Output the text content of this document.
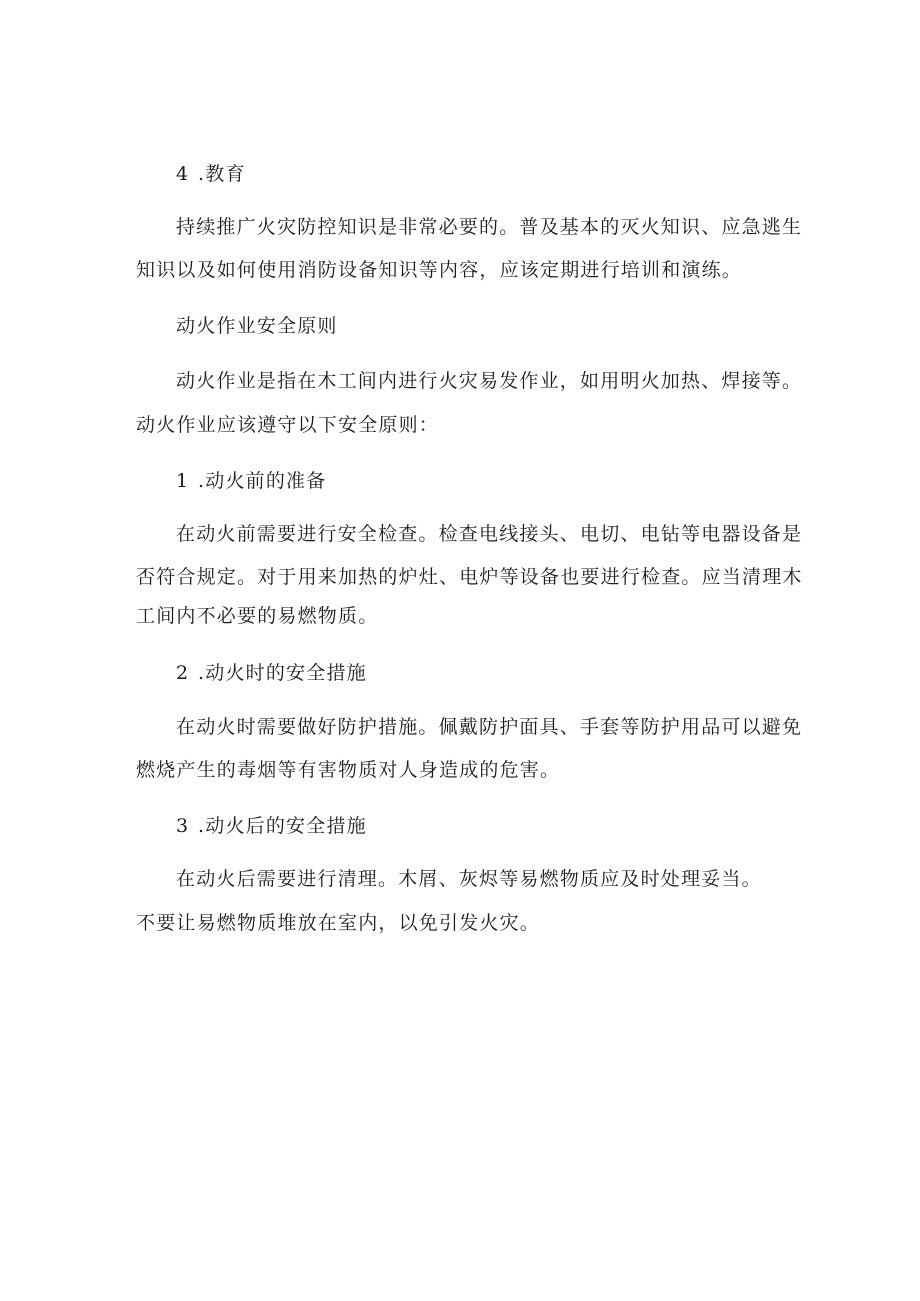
4 .教育
持续推广火灾防控知识是非常必要的。普及基本的灭火知识、应急逃生
知识以及如何使用消防设备知识等内容，应该定期进行培训和演练。
动火作业安全原则
动火作业是指在木工间内进行火灾易发作业，如用明火加热、焊接等。
动火作业应该遵守以下安全原则：
1 .动火前的准备
在动火前需要进行安全检查。检查电线接头、电切、电钻等电器设备是
否符合规定。对于用来加热的炉灶、电炉等设备也要进行检查。应当清理木
工间内不必要的易燃物质。
2 .动火时的安全措施
在动火时需要做好防护措施。佩戴防护面具、手套等防护用品可以避免
燃烧产生的毒烟等有害物质对人身造成的危害。
3 .动火后的安全措施
在动火后需要进行清理。木屑、灰烬等易燃物质应及时处理妥当。
不要让易燃物质堆放在室内，以免引发火灾。
